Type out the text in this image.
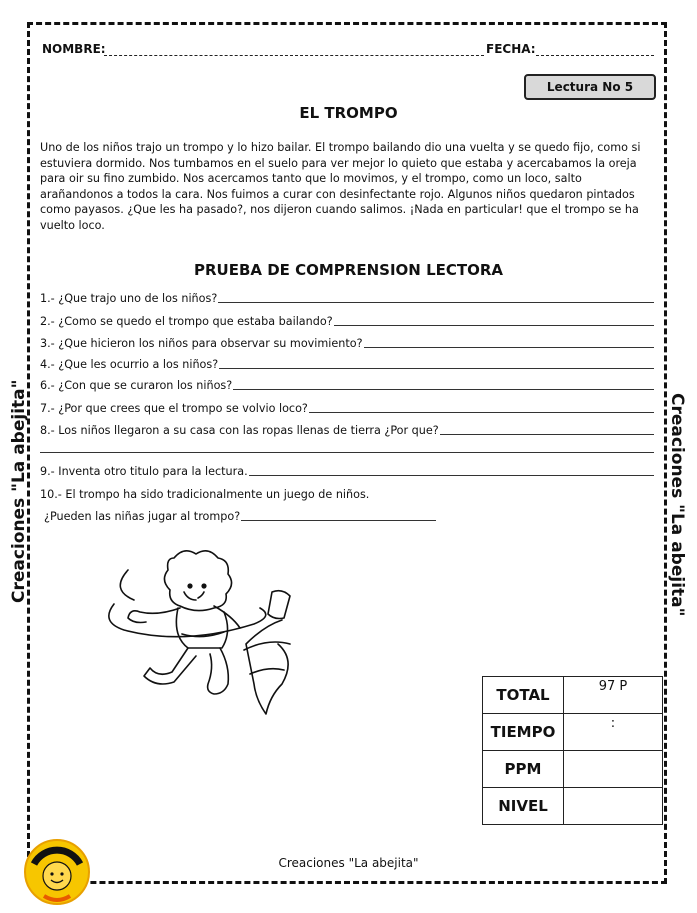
Creaciones "La abejita"	Creaciones "La abejita"
NOMBRE:	FECHA:
Lectura No 5
EL TROMPO
Uno de los niños trajo un trompo y lo hizo bailar. El trompo bailando dio una vuelta y se quedo fijo, como si estuviera dormido. Nos tumbamos en el suelo para ver mejor lo quieto que estaba y acercabamos la oreja para oir su fino zumbido. Nos acercamos tanto que lo movimos, y el trompo, como un loco, salto arañandonos a todos la cara. Nos fuimos a curar con desinfectante rojo. Algunos niños quedaron pintados como payasos. ¿Que les ha pasado?, nos dijeron cuando salimos. ¡Nada en particular! que el trompo se ha vuelto loco.
PRUEBA DE COMPRENSION LECTORA
1.- ¿Que trajo uno de los niños?
2.- ¿Como se quedo el trompo que estaba bailando?
3.- ¿Que hicieron los niños para observar su movimiento?
4.- ¿Que les ocurrio a los niños?
6.- ¿Con que se curaron los niños?
7.- ¿Por que crees que el trompo se volvio loco?
8.- Los niños llegaron a su casa con las ropas llenas de tierra ¿Por que?
9.- Inventa otro titulo para la lectura.
10.- El trompo ha sido tradicionalmente un juego de niños.
¿Pueden las niñas jugar al trompo?
TOTAL	97 P
TIEMPO	:
PPM	
NIVEL	
Creaciones "La abejita"
